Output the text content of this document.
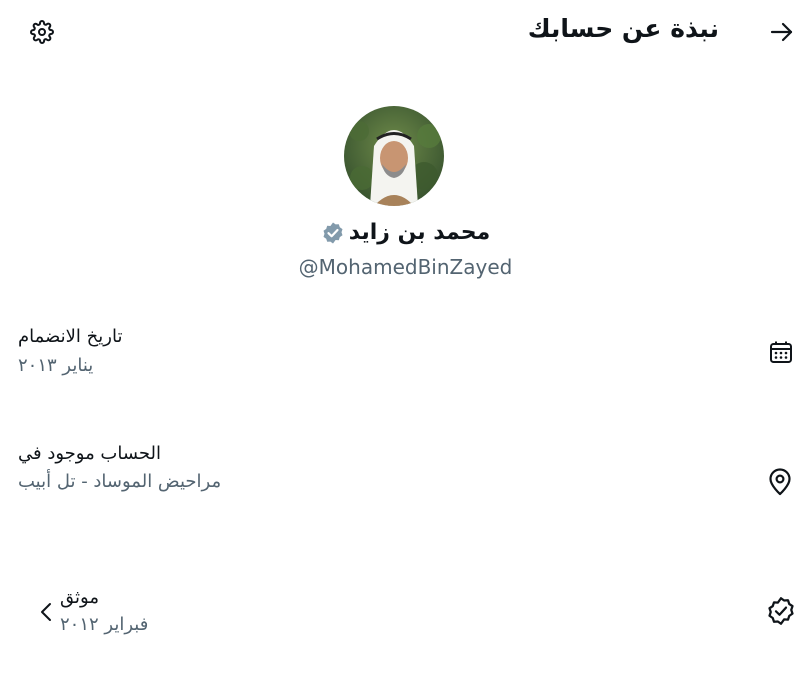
نبذة عن حسابك
محمد بن زايد
@MohamedBinZayed
تاريخ الانضمام
يناير ٢٠١٣
الحساب موجود في
مراحيض الموساد - تل أبيب
موثق
فبراير ٢٠١٢
